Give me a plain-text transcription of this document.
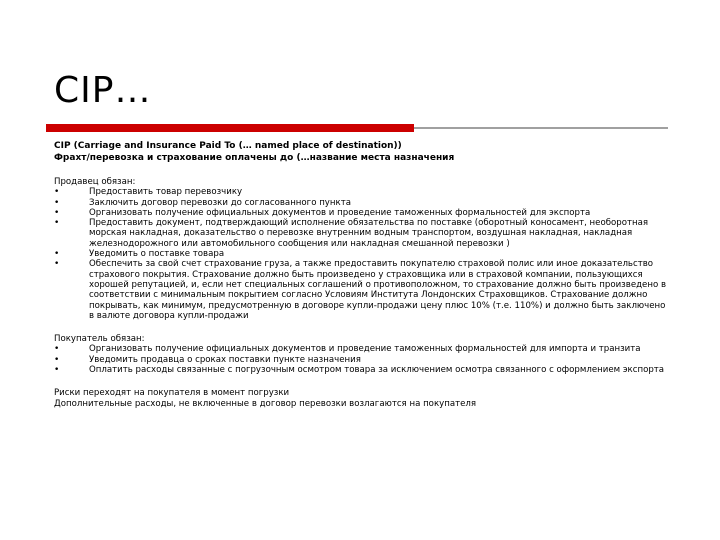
CIP…
CIP (Carriage and Insurance Paid To (… named place of destination))
Фрахт/перевозка и страхование оплачены до (…название места назначения
Продавец обязан:
• Предоставить товар перевозчику
• Заключить договор перевозки до согласованного пункта
• Организовать получение официальных документов и проведение таможенных формальностей для экспорта
• Предоставить документ, подтверждающий исполнение обязательства по поставке (оборотный коносамент, необоротная морская накладная, доказательство о перевозке внутренним водным транспортом, воздушная накладная, накладная железнодорожного или автомобильного сообщения или накладная смешанной перевозки )
• Уведомить о поставке товара
• Обеспечить за свой счет страхование груза, а также предоставить покупателю страховой полис или иное доказательство страхового покрытия. Страхование должно быть произведено у страховщика или в страховой компании, пользующихся хорошей репутацией, и, если нет специальных соглашений о противоположном, то страхование должно быть произведено в соответствии с минимальным покрытием согласно Условиям Института Лондонских Страховщиков. Страхование должно покрывать, как минимум, предусмотренную в договоре купли-продажи цену плюс 10% (т.е. 110%) и должно быть заключено в валюте договора купли-продажи
Покупатель обязан:
• Организовать получение официальных документов и проведение таможенных формальностей для импорта и транзита
• Уведомить продавца о сроках поставки пункте назначения
• Оплатить расходы связанные с погрузочным осмотром товара за исключением осмотра связанного с оформлением экспорта
Риски переходят на покупателя в момент погрузки
Дополнительные расходы, не включенные в договор перевозки возлагаются на покупателя
